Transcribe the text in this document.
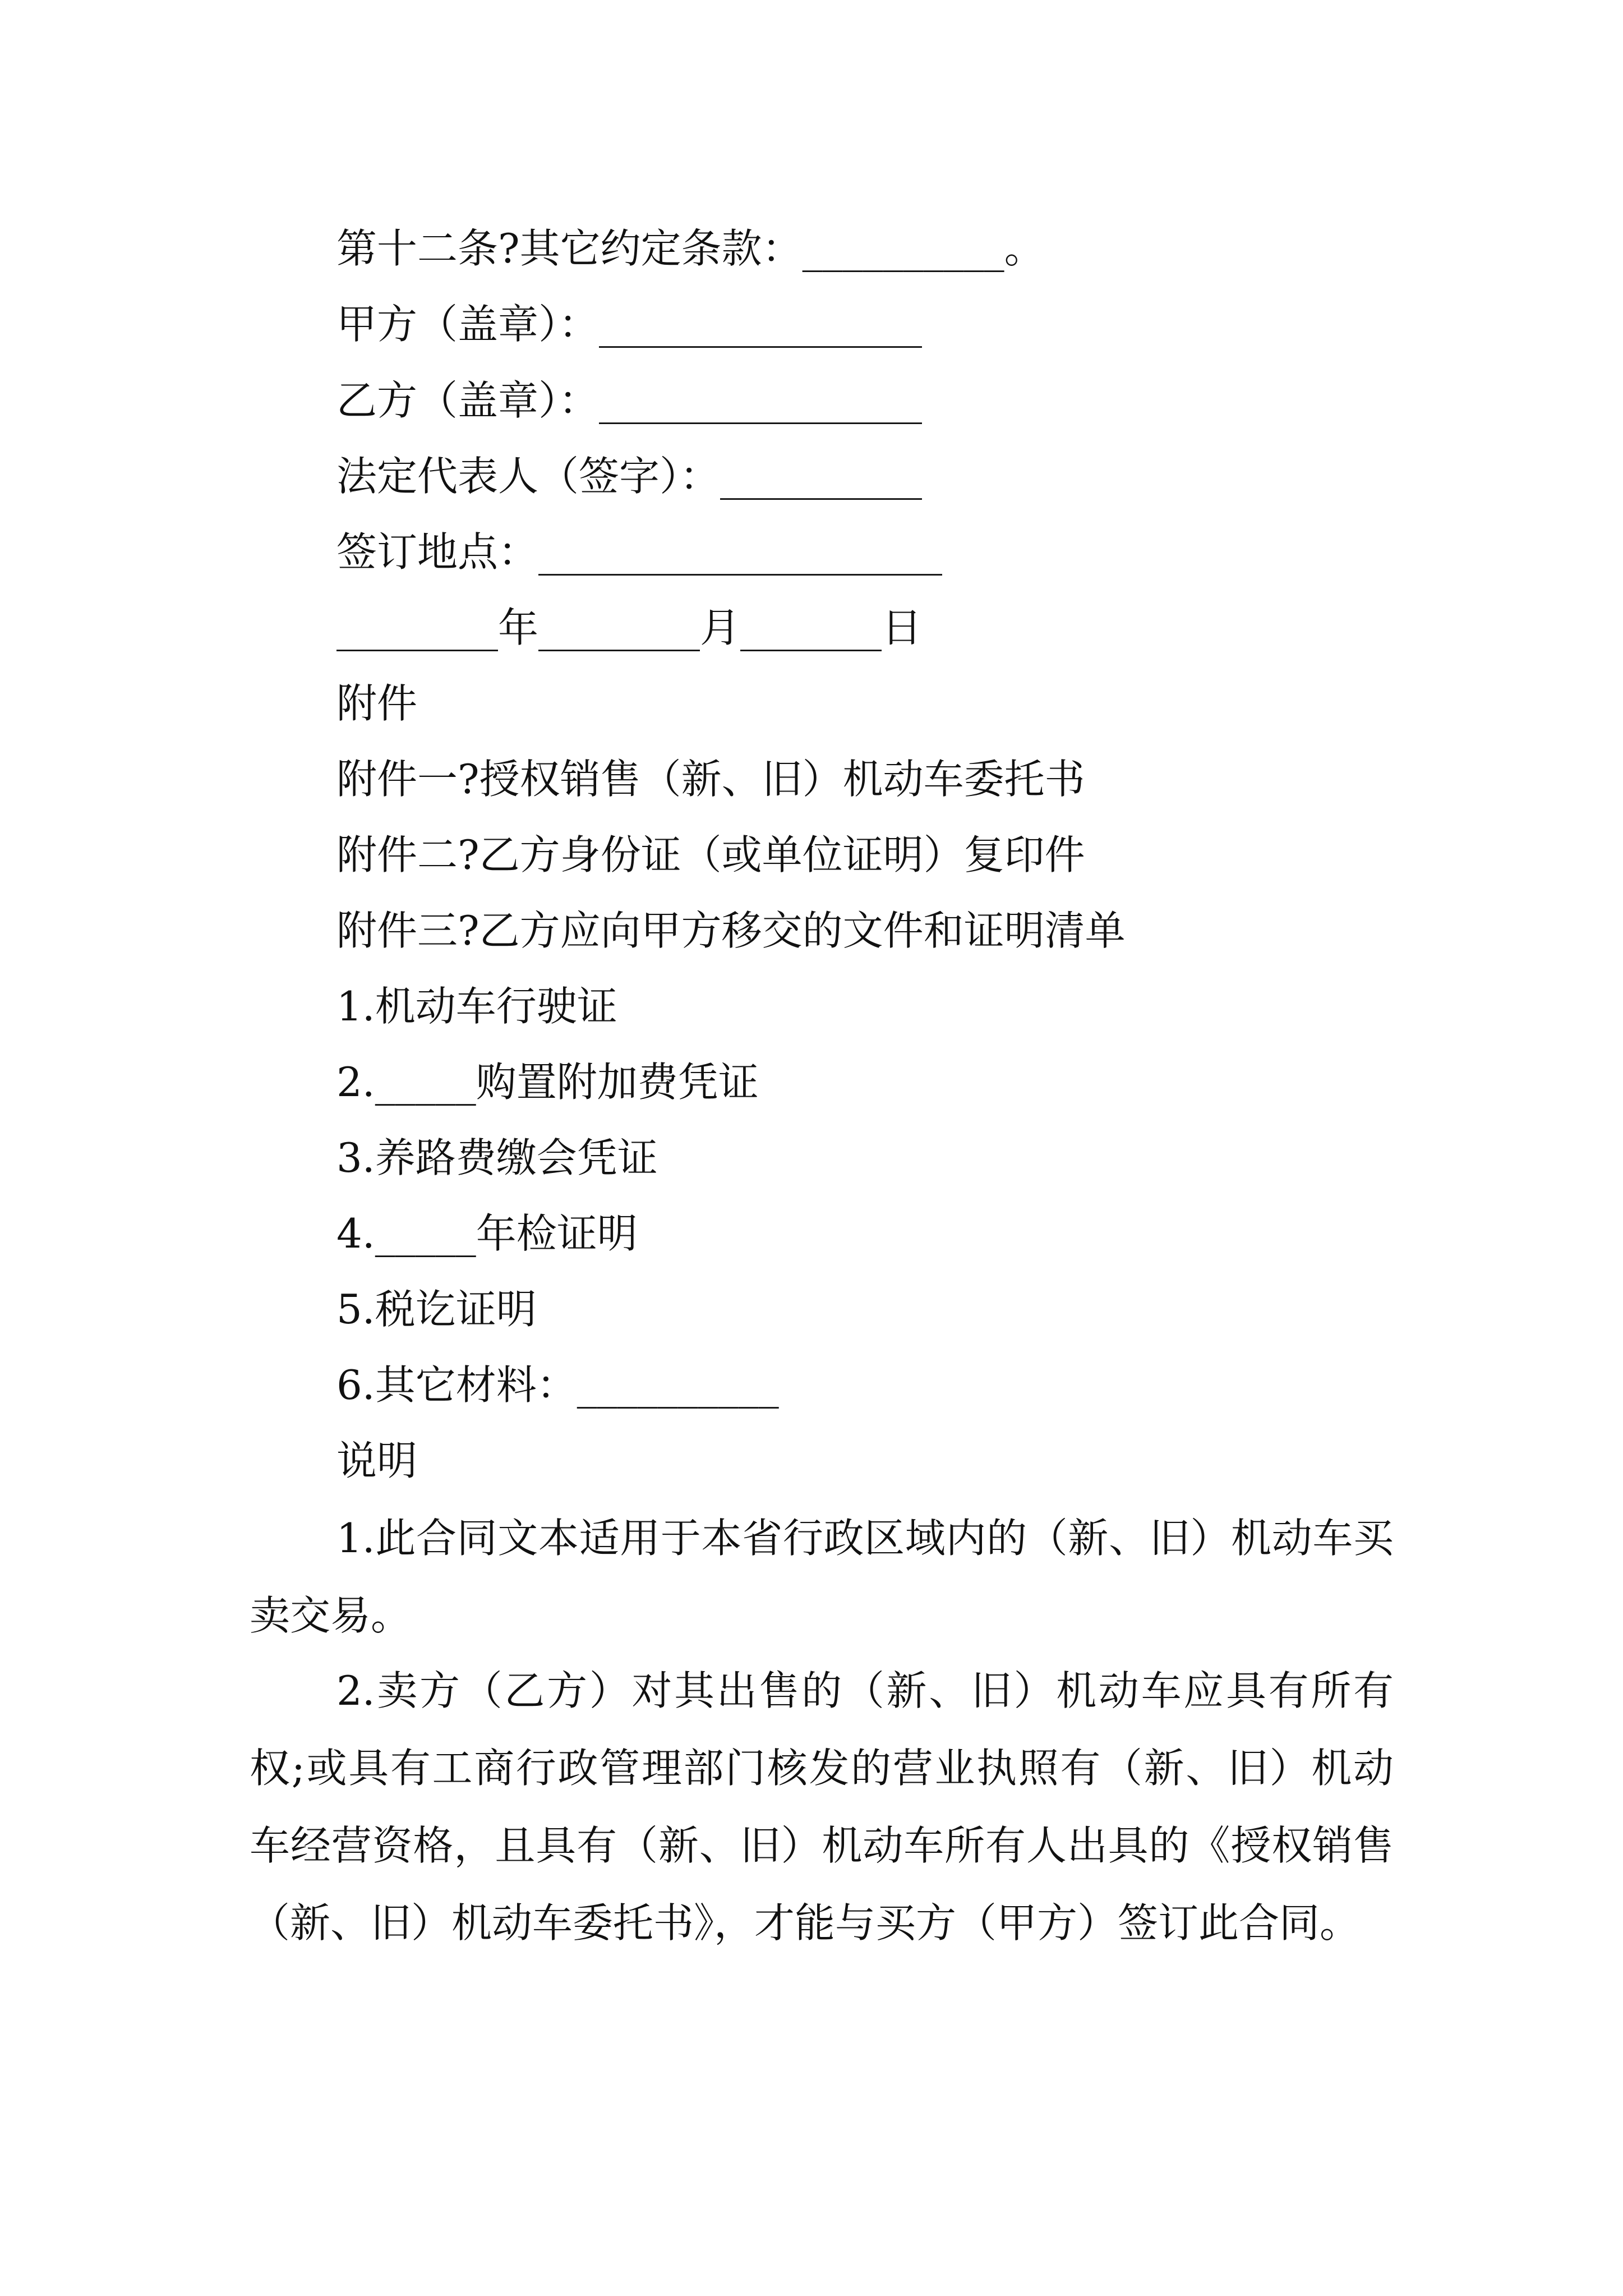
第十二条?其它约定条款：__________。
甲方（盖章）：________________
乙方（盖章）：________________
法定代表人（签字）：__________
签订地点：____________________
________年________月_______日
附件
附件一?授权销售（新、旧）机动车委托书
附件二?乙方身份证（或单位证明）复印件
附件三?乙方应向甲方移交的文件和证明清单
1.机动车行驶证
2._____购置附加费凭证
3.养路费缴会凭证
4._____年检证明
5.税讫证明
6.其它材料：__________
说明
1.此合同文本适用于本省行政区域内的（新、旧）机动车买卖交易。
2.卖方（乙方）对其出售的（新、旧）机动车应具有所有权;或具有工商行政管理部门核发的营业执照有（新、旧）机动车经营资格，且具有（新、旧）机动车所有人出具的《授权销售（新、旧）机动车委托书》，才能与买方（甲方）签订此合同。
